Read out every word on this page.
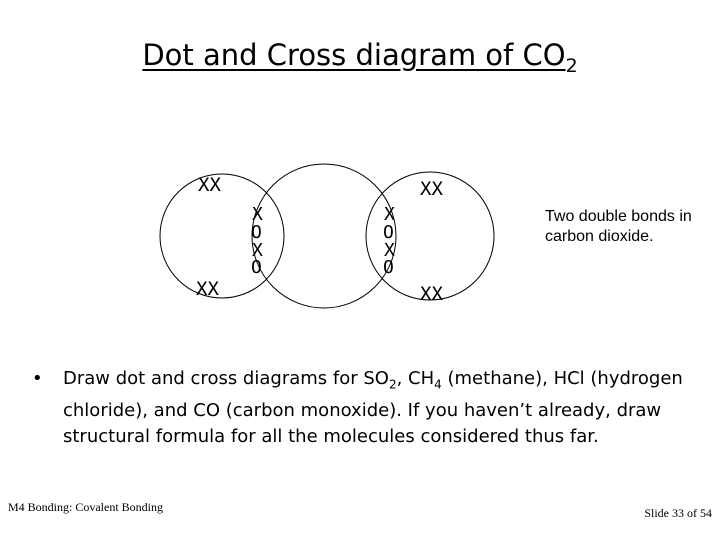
Dot and Cross diagram of $CO_2$
XX
XX
XX
XX
X
O
X
O
X
O
X
O
Two double bonds in carbon dioxide.
•	Draw dot and cross diagrams for $SO_2$, $CH_4$ (methane), HCl (hydrogen chloride), and CO (carbon monoxide). If you haven’t already, draw structural formula for all the molecules considered thus far.
M4 Bonding: Covalent Bonding	Slide 33 of 54
